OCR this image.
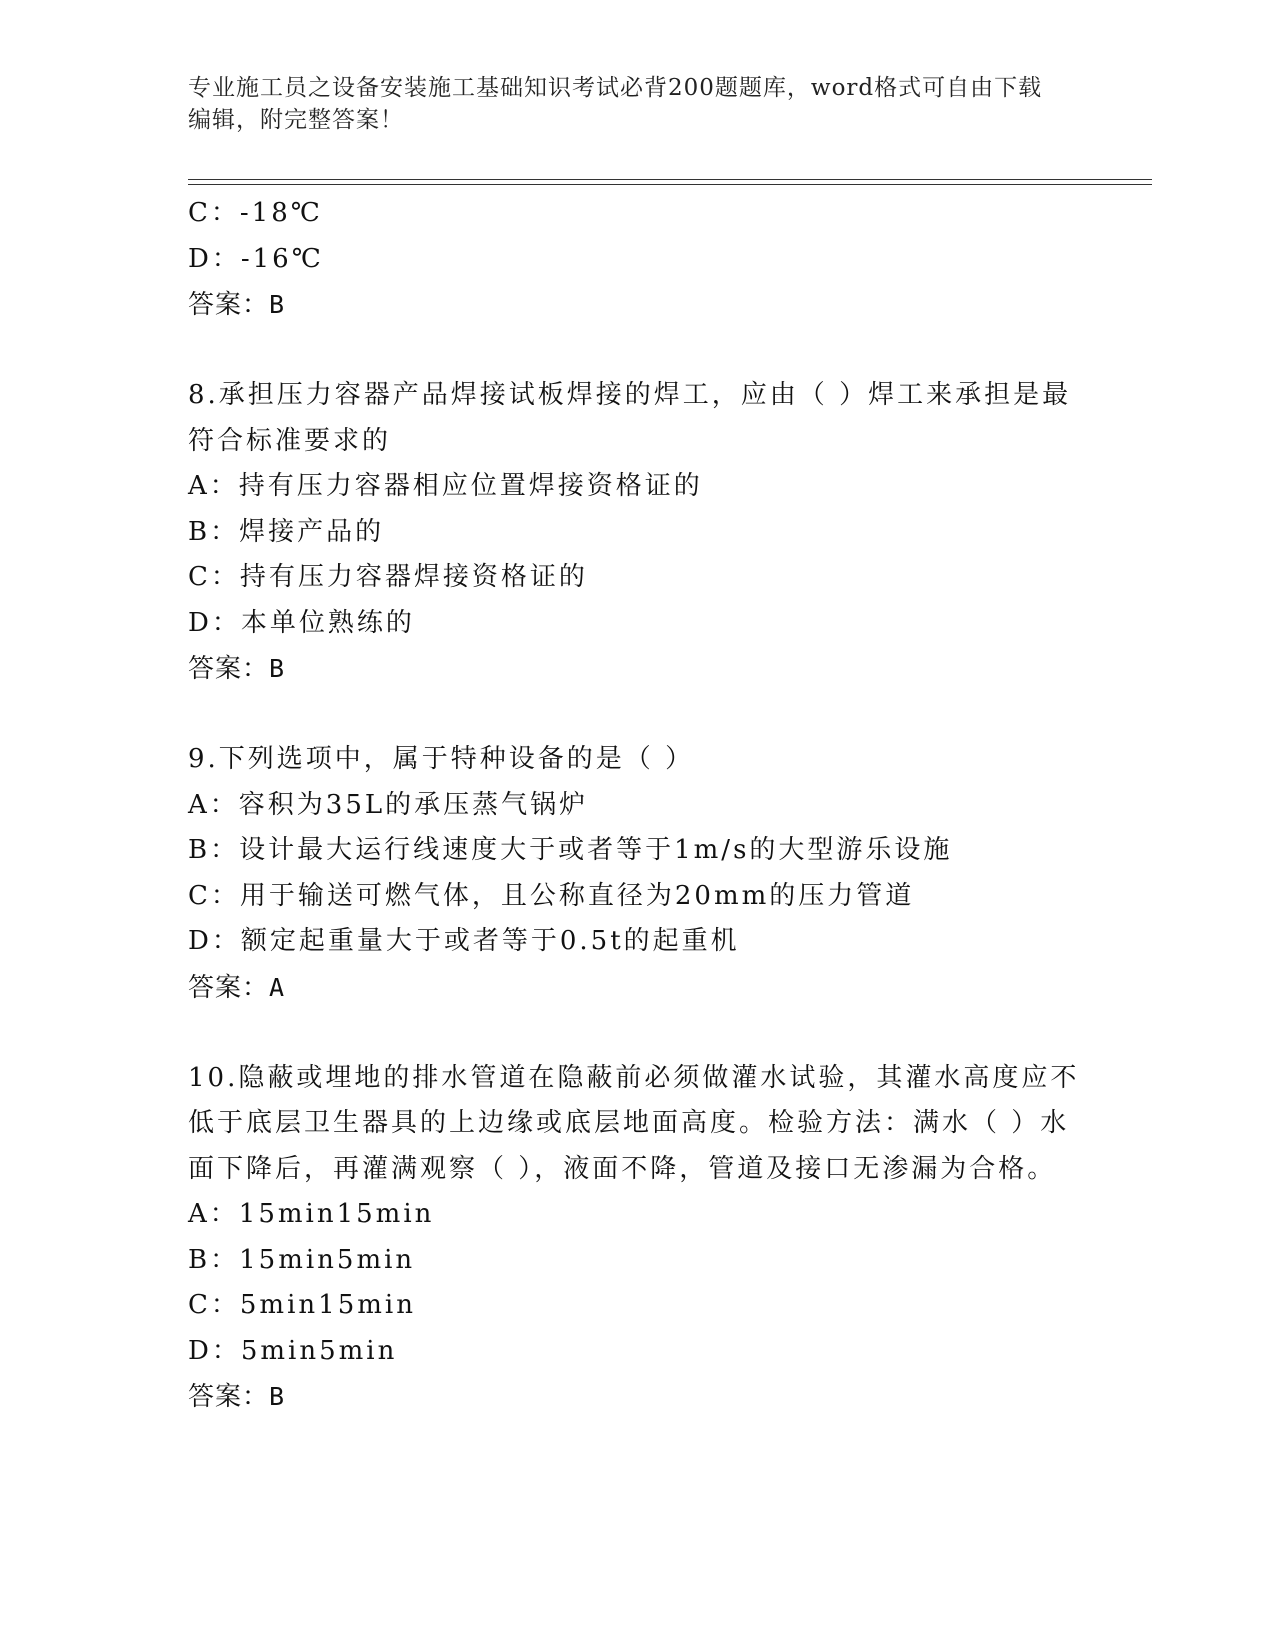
专业施工员之设备安装施工基础知识考试必背200题题库，word格式可自由下载
编辑，附完整答案！
C：-18℃
D：-16℃
答案：B
8.承担压力容器产品焊接试板焊接的焊工，应由（ ）焊工来承担是最
符合标准要求的
A：持有压力容器相应位置焊接资格证的
B：焊接产品的
C：持有压力容器焊接资格证的
D：本单位熟练的
答案：B
9.下列选项中，属于特种设备的是（ ）
A：容积为35L的承压蒸气锅炉
B：设计最大运行线速度大于或者等于1m/s的大型游乐设施
C：用于输送可燃气体，且公称直径为20mm的压力管道
D：额定起重量大于或者等于0.5t的起重机
答案：A
10.隐蔽或埋地的排水管道在隐蔽前必须做灌水试验，其灌水高度应不
低于底层卫生器具的上边缘或底层地面高度。检验方法：满水（ ）水
面下降后，再灌满观察（ ），液面不降，管道及接口无渗漏为合格。
A：15min15min
B：15min5min
C：5min15min
D：5min5min
答案：B
